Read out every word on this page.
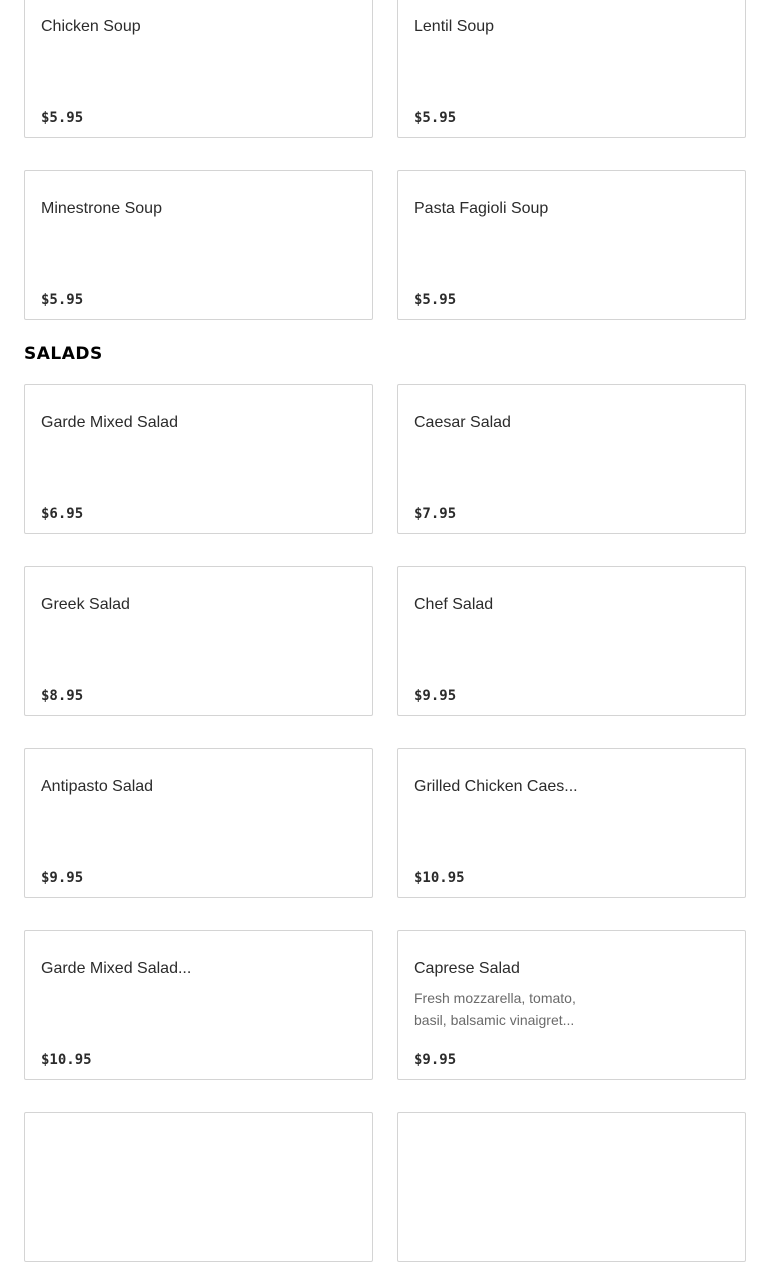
Chicken Soup
$5.95
Lentil Soup
$5.95
Minestrone Soup
$5.95
Pasta Fagioli Soup
$5.95
SALADS
Garde Mixed Salad
$6.95
Caesar Salad
$7.95
Greek Salad
$8.95
Chef Salad
$9.95
Antipasto Salad
$9.95
Grilled Chicken Caes...
$10.95
Garde Mixed Salad...
$10.95
Caprese Salad
Fresh mozzarella, tomato, basil, balsamic vinaigret...
$9.95
